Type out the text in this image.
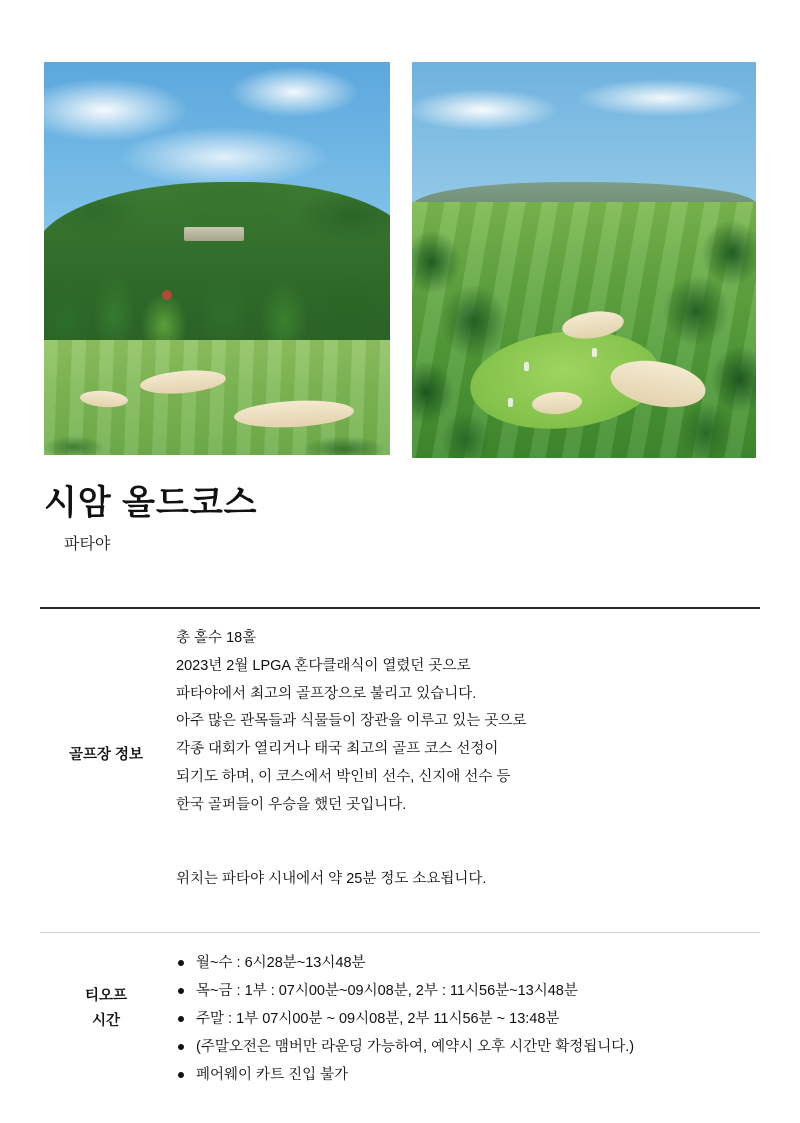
시암 올드코스
파타야
골프장 정보

총 홀수 18홀

2023년 2월 LPGA 혼다클래식이 열렸던 곳으로

파타야에서 최고의 골프장으로 불리고 있습니다.

아주 많은 관목들과 식물들이 장관을 이루고 있는 곳으로

각종 대회가 열리거나 태국 최고의 골프 코스 선정이

되기도 하며, 이 코스에서 박인비 선수, 신지애 선수 등

한국 골퍼들이 우승을 했던 곳입니다.

위치는 파타야 시내에서 약 25분 정도 소요됩니다.

티오프
시간
월~수 : 6시28분~13시48분
목~금 : 1부 : 07시00분~09시08분, 2부 : 11시56분~13시48분
주말 : 1부 07시00분 ~ 09시08분, 2부 11시56분 ~ 13:48분
(주말오전은 맴버만 라운딩 가능하여, 예약시 오후 시간만 확정됩니다.)
페어웨이 카트 진입 불가
